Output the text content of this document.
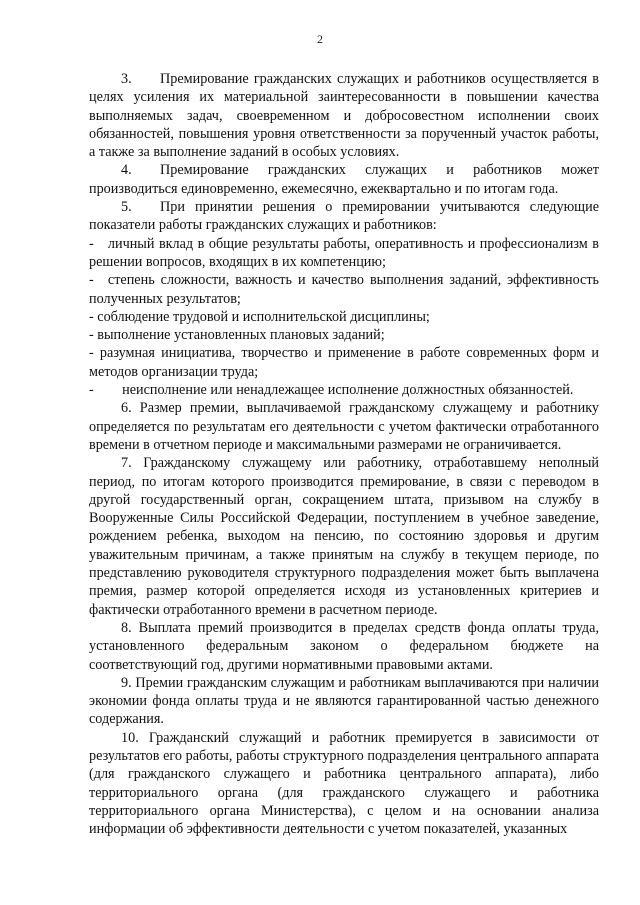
2

3.  Премирование гражданских служащих и работников осуществляется в целях усиления их материальной заинтересованности в повышении качества выполняемых задач, своевременном и добросовестном исполнении своих обязанностей, повышения уровня ответственности за порученный участок работы, а также за выполнение заданий в особых условиях.

4.  Премирование гражданских служащих и работников может производиться единовременно, ежемесячно, ежеквартально и по итогам года.

5.  При принятии решения о премировании учитываются следующие показатели работы гражданских служащих и работников:

- личный вклад в общие результаты работы, оперативность и профессионализм в решении вопросов, входящих в их компетенцию;

- степень сложности, важность и качество выполнения заданий, эффективность полученных результатов;

- соблюдение трудовой и исполнительской дисциплины;

- выполнение установленных плановых заданий;

- разумная инициатива, творчество и применение в работе современных форм и методов организации труда;

-  неисполнение или ненадлежащее исполнение должностных обязанностей.

6. Размер премии, выплачиваемой гражданскому служащему и работнику определяется по результатам его деятельности с учетом фактически отработанного времени в отчетном периоде и максимальными размерами не ограничивается.

7. Гражданскому служащему или работнику, отработавшему неполный период, по итогам которого производится премирование, в связи с переводом в другой государственный орган, сокращением штата, призывом на службу в Вооруженные Силы Российской Федерации, поступлением в учебное заведение, рождением ребенка, выходом на пенсию, по состоянию здоровья и другим уважительным причинам, а также принятым на службу в текущем периоде, по представлению руководителя структурного подразделения может быть выплачена премия, размер которой определяется исходя из установленных критериев и фактически отработанного времени в расчетном периоде.

8. Выплата премий производится в пределах средств фонда оплаты труда, установленного федеральным законом о федеральном бюджете на соответствующий год, другими нормативными правовыми актами.

9. Премии гражданским служащим и работникам выплачиваются при наличии экономии фонда оплаты труда и не являются гарантированной частью денежного содержания.

10. Гражданский служащий и работник премируется в зависимости от результатов его работы, работы структурного подразделения центрального аппарата (для гражданского служащего и работника центрального аппарата), либо территориального органа (для гражданского служащего и работника территориального органа Министерства), с целом и на основании анализа информации об эффективности деятельности с учетом показателей, указанных
